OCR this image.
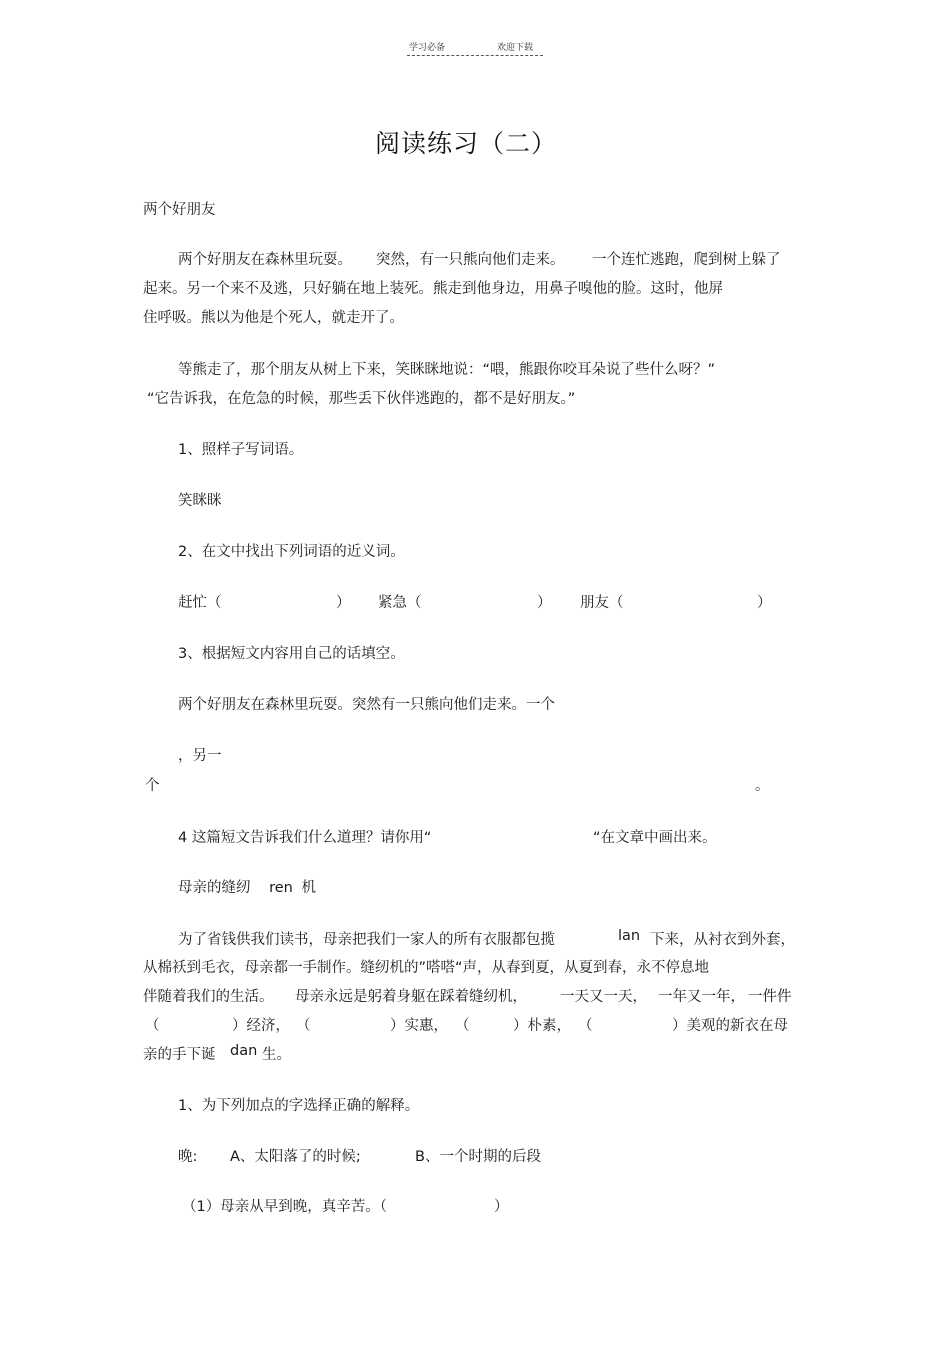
学习必备	欢迎下载
阅读练习（二）
两个好朋友
两个好朋友在森林里玩耍。 突然，有一只熊向他们走来。 一个连忙逃跑，爬到树上躲了
起来。另一个来不及逃，只好躺在地上装死。熊走到他身边，用鼻子嗅他的脸。这时，他屏
住呼吸。熊以为他是个死人，就走开了。
等熊走了，那个朋友从树上下来，笑眯眯地说：“喂，熊跟你咬耳朵说了些什么呀？”
“它告诉我，在危急的时候，那些丢下伙伴逃跑的，都不是好朋友。”
1、照样子写词语。
笑眯眯
2、在文中找出下列词语的近义词。
赶忙（	） 紧急（	） 朋友（	）
3、根据短文内容用自己的话填空。
两个好朋友在森林里玩耍。突然有一只熊向他们走来。一个
，另一
个	。
4 这篇短文告诉我们什么道理？请你用“	“在文章中画出来。
母亲的缝纫 ren 机
为了省钱供我们读书，母亲把我们一家人的所有衣服都包揽	lan 下来，从衬衣到外套，
从棉袄到毛衣，母亲都一手制作。缝纫机的”嗒嗒“声，从春到夏，从夏到春，永不停息地
伴随着我们的生活。 母亲永远是躬着身躯在踩着缝纫机， 一天又一天， 一年又一年， 一件件
（	）经济， （	）实惠， （	）朴素， （	）美观的新衣在母
亲的手下诞 dan 生。
1、为下列加点的字选择正确的解释。
晚: A、太阳落了的时候;	B、一个时期的后段
（1）母亲从早到晚，真辛苦。（	）
